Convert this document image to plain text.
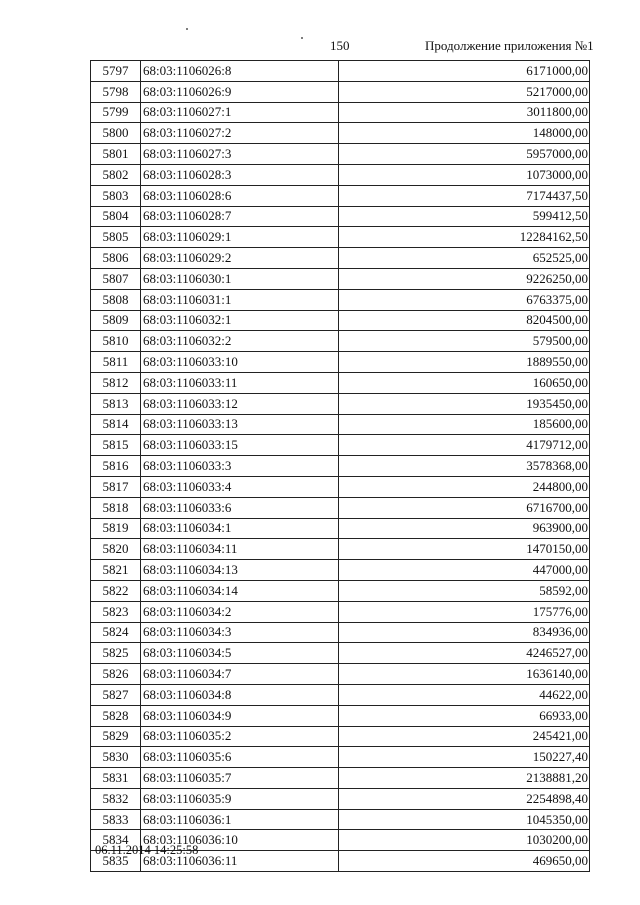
150	Продолжение приложения №1
5797	68:03:1106026:8	6171000,00
5798	68:03:1106026:9	5217000,00
5799	68:03:1106027:1	3011800,00
5800	68:03:1106027:2	148000,00
5801	68:03:1106027:3	5957000,00
5802	68:03:1106028:3	1073000,00
5803	68:03:1106028:6	7174437,50
5804	68:03:1106028:7	599412,50
5805	68:03:1106029:1	12284162,50
5806	68:03:1106029:2	652525,00
5807	68:03:1106030:1	9226250,00
5808	68:03:1106031:1	6763375,00
5809	68:03:1106032:1	8204500,00
5810	68:03:1106032:2	579500,00
5811	68:03:1106033:10	1889550,00
5812	68:03:1106033:11	160650,00
5813	68:03:1106033:12	1935450,00
5814	68:03:1106033:13	185600,00
5815	68:03:1106033:15	4179712,00
5816	68:03:1106033:3	3578368,00
5817	68:03:1106033:4	244800,00
5818	68:03:1106033:6	6716700,00
5819	68:03:1106034:1	963900,00
5820	68:03:1106034:11	1470150,00
5821	68:03:1106034:13	447000,00
5822	68:03:1106034:14	58592,00
5823	68:03:1106034:2	175776,00
5824	68:03:1106034:3	834936,00
5825	68:03:1106034:5	4246527,00
5826	68:03:1106034:7	1636140,00
5827	68:03:1106034:8	44622,00
5828	68:03:1106034:9	66933,00
5829	68:03:1106035:2	245421,00
5830	68:03:1106035:6	150227,40
5831	68:03:1106035:7	2138881,20
5832	68:03:1106035:9	2254898,40
5833	68:03:1106036:1	1045350,00
5834	68:03:1106036:10	1030200,00
5835	68:03:1106036:11	469650,00
06.11.2014 14:25:58
